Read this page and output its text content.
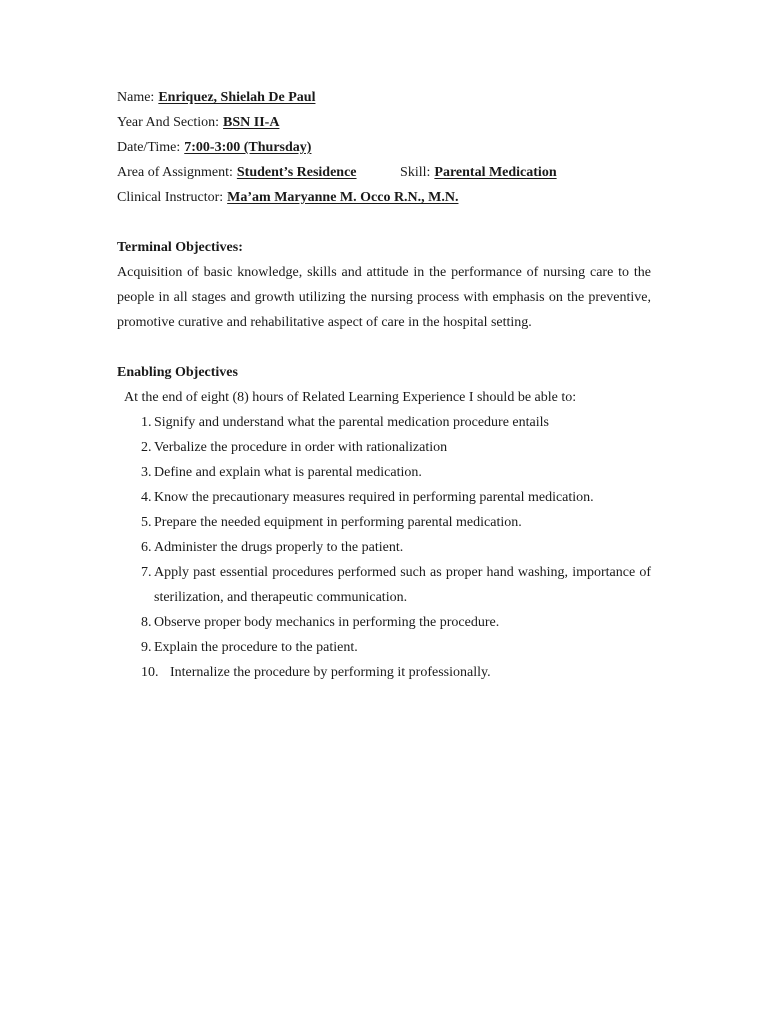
Name: Enriquez, Shielah De Paul
Year And Section: BSN II-A
Date/Time: 7:00-3:00 (Thursday)
Area of Assignment: Student’s Residence	Skill: Parental Medication
Clinical Instructor: Ma’am Maryanne M. Occo R.N., M.N.
Terminal Objectives:
Acquisition of basic knowledge, skills and attitude in the performance of nursing care to the people in all stages and growth utilizing the nursing process with emphasis on the preventive, promotive curative and rehabilitative aspect of care in the hospital setting.
Enabling Objectives
At the end of eight (8) hours of Related Learning Experience I should be able to:
1. Signify and understand what the parental medication procedure entails
2. Verbalize the procedure in order with rationalization
3. Define and explain what is parental medication.
4. Know the precautionary measures required in performing parental medication.
5. Prepare the needed equipment in performing parental medication.
6. Administer the drugs properly to the patient.
7. Apply past essential procedures performed such as proper hand washing, importance of sterilization, and therapeutic communication.
8. Observe proper body mechanics in performing the procedure.
9. Explain the procedure to the patient.
10. Internalize the procedure by performing it professionally.
